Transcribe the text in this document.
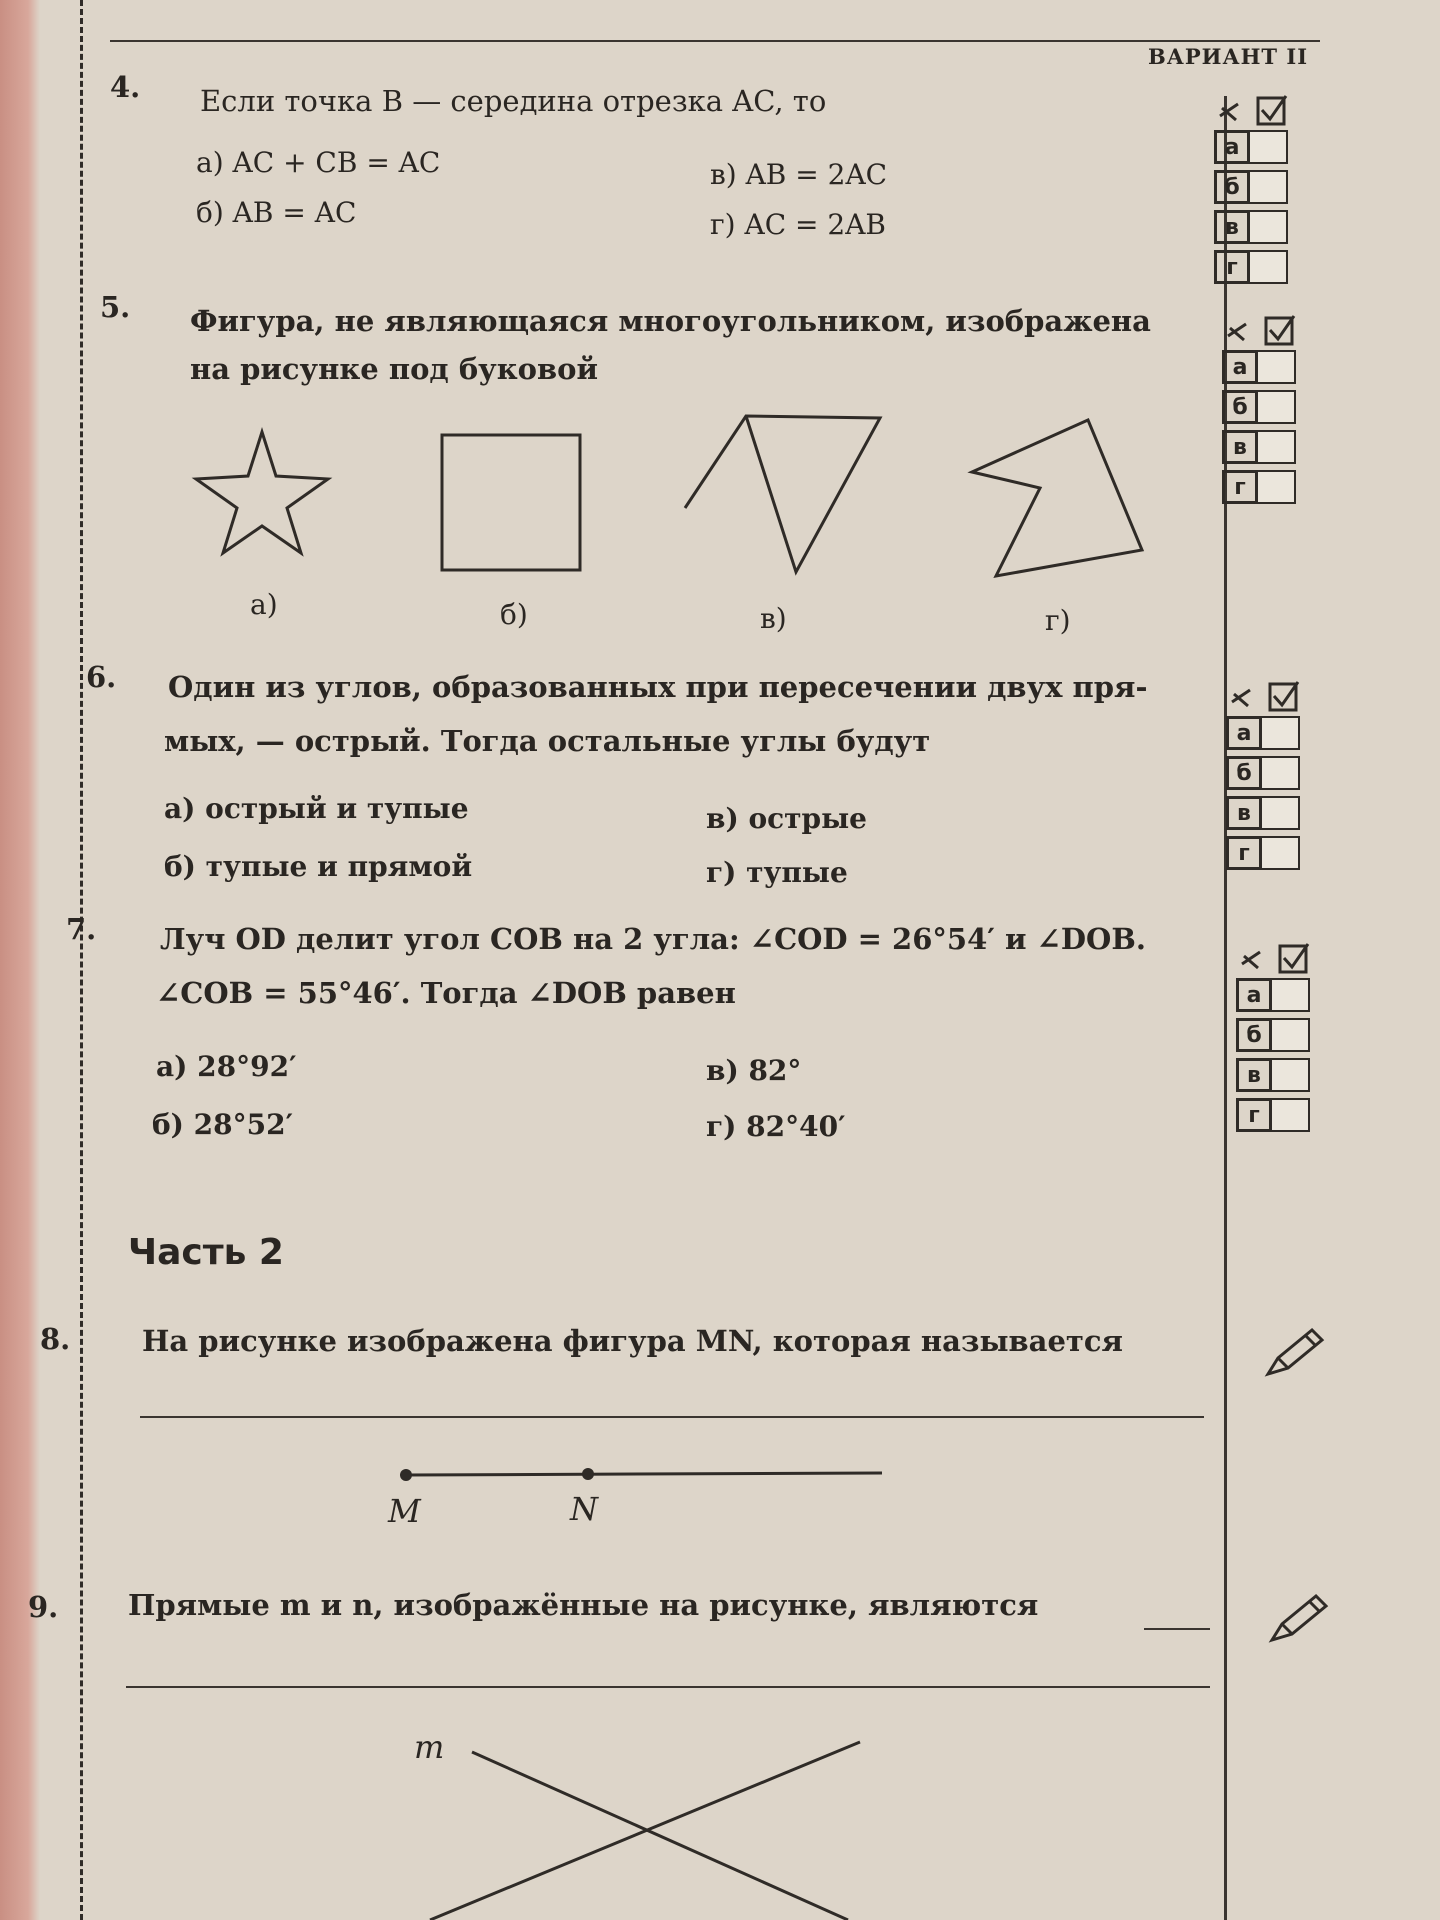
ВАРИАНТ II
4. Если точка B — середина отрезка AC, то
а) AC + CB = AC
б) AB = AC
в) AB = 2AC
г) AC = 2AB
5. Фигура, не являющаяся многоугольником, изображена
на рисунке под буковой
а)	б)	в)	г)
6. Один из углов, образованных при пересечении двух пря-
мых, — острый. Тогда остальные углы будут
а) острый и тупые
б) тупые и прямой
в) острые
г) тупые
7. Луч OD делит угол COB на 2 угла: ∠COD = 26°54′ и ∠DOB.
∠COB = 55°46′. Тогда ∠DOB равен
а) 28°92′
б) 28°52′
в) 82°
г) 82°40′
а
б
в
г
а
б
в
г
а
б
в
г
а
б
в
г
Часть 2
8. На рисунке изображена фигура MN, которая называется
M	N
9. Прямые m и n, изображённые на рисунке, являются
m
